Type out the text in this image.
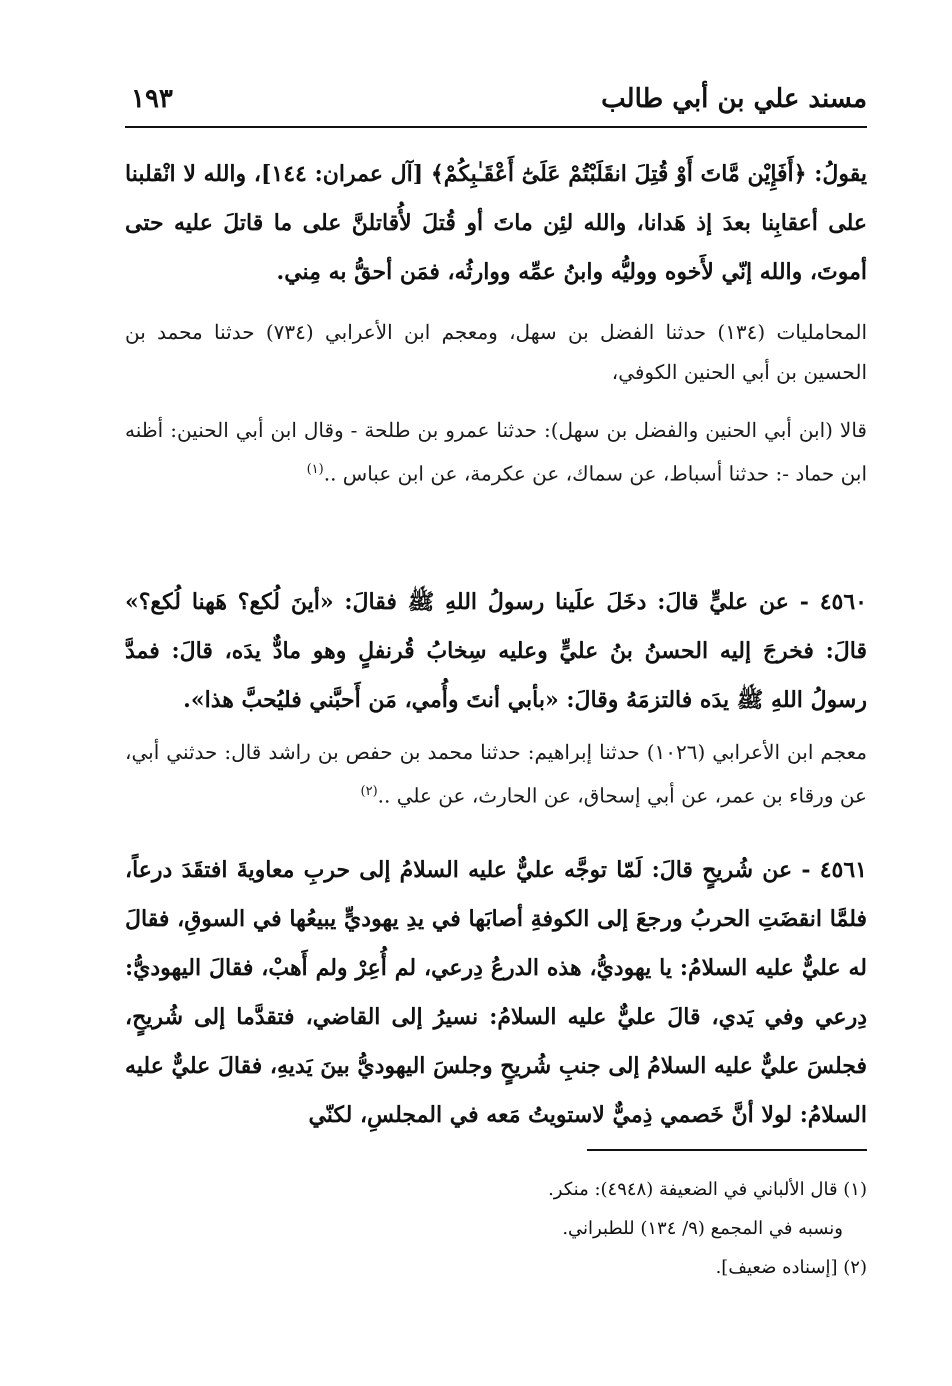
مسند علي بن أبي طالب
١٩٣
يقولُ: ﴿أَفَإِيْن مَّاتَ أَوْ قُتِلَ انقَلَبْتُمْ عَلَىٰٓ أَعْقَـٰبِكُمْ﴾ [آل عمران: ١٤٤]، والله لا انْقلبنا على أعقابِنا بعدَ إذ هَدانا، والله لئِن ماتَ أو قُتلَ لأُقاتلنَّ على ما قاتلَ عليه حتى أموتَ، والله إنّي لأَخوه ووليُّه وابنُ عمِّه ووارثُه، فمَن أحقُّ به مِني.
المحامليات (١٣٤) حدثنا الفضل بن سهل، ومعجم ابن الأعرابي (٧٣٤) حدثنا محمد بن الحسين بن أبي الحنين الكوفي،
قالا (ابن أبي الحنين والفضل بن سهل): حدثنا عمرو بن طلحة - وقال ابن أبي الحنين: أظنه ابن حماد -: حدثنا أسباط، عن سماك، عن عكرمة، عن ابن عباس ..$^{(١)}$
٤٥٦٠ - عن عليٍّ قالَ: دخَلَ علَينا رسولُ اللهِ ﷺ فقالَ: «أينَ لُكع؟ هَهنا لُكع؟» قالَ: فخرجَ إليه الحسنُ بنُ عليٍّ وعليه سِخابُ قُرنفلٍ وهو مادٌّ يدَه، قالَ: فمدَّ رسولُ اللهِ ﷺ يدَه فالتزمَهُ وقالَ: «بأبي أنتَ وأُمي، مَن أَحبَّني فليُحبَّ هذا».
معجم ابن الأعرابي (١٠٢٦) حدثنا إبراهيم: حدثنا محمد بن حفص بن راشد قال: حدثني أبي، عن ورقاء بن عمر، عن أبي إسحاق، عن الحارث، عن علي ..$^{(٢)}$
٤٥٦١ - عن شُريحٍ قالَ: لَمّا توجَّه عليٌّ عليه السلامُ إلى حربِ معاويةَ افتقَدَ درعاً، فلمَّا انقضَتِ الحربُ ورجعَ إلى الكوفةِ أصابَها في يدِ يهوديٍّ يبيعُها في السوقِ، فقالَ له عليٌّ عليه السلامُ: يا يهوديُّ، هذه الدرعُ دِرعي، لم أُعِرْ ولم أَهبْ، فقالَ اليهوديُّ: دِرعي وفي يَدي، قالَ عليٌّ عليه السلامُ: نسيرُ إلى القاضي، فتقدَّما إلى شُريحٍ، فجلسَ عليٌّ عليه السلامُ إلى جنبِ شُريحٍ وجلسَ اليهوديُّ بينَ يَديهِ، فقالَ عليٌّ عليه السلامُ: لولا أنَّ خَصمي ذِميٌّ لاستويتُ مَعه في المجلسِ، لكنّي
(١) قال الألباني في الضعيفة (٤٩٤٨): منكر.
ونسبه في المجمع (٩/ ١٣٤) للطبراني.
(٢) [إسناده ضعيف].
